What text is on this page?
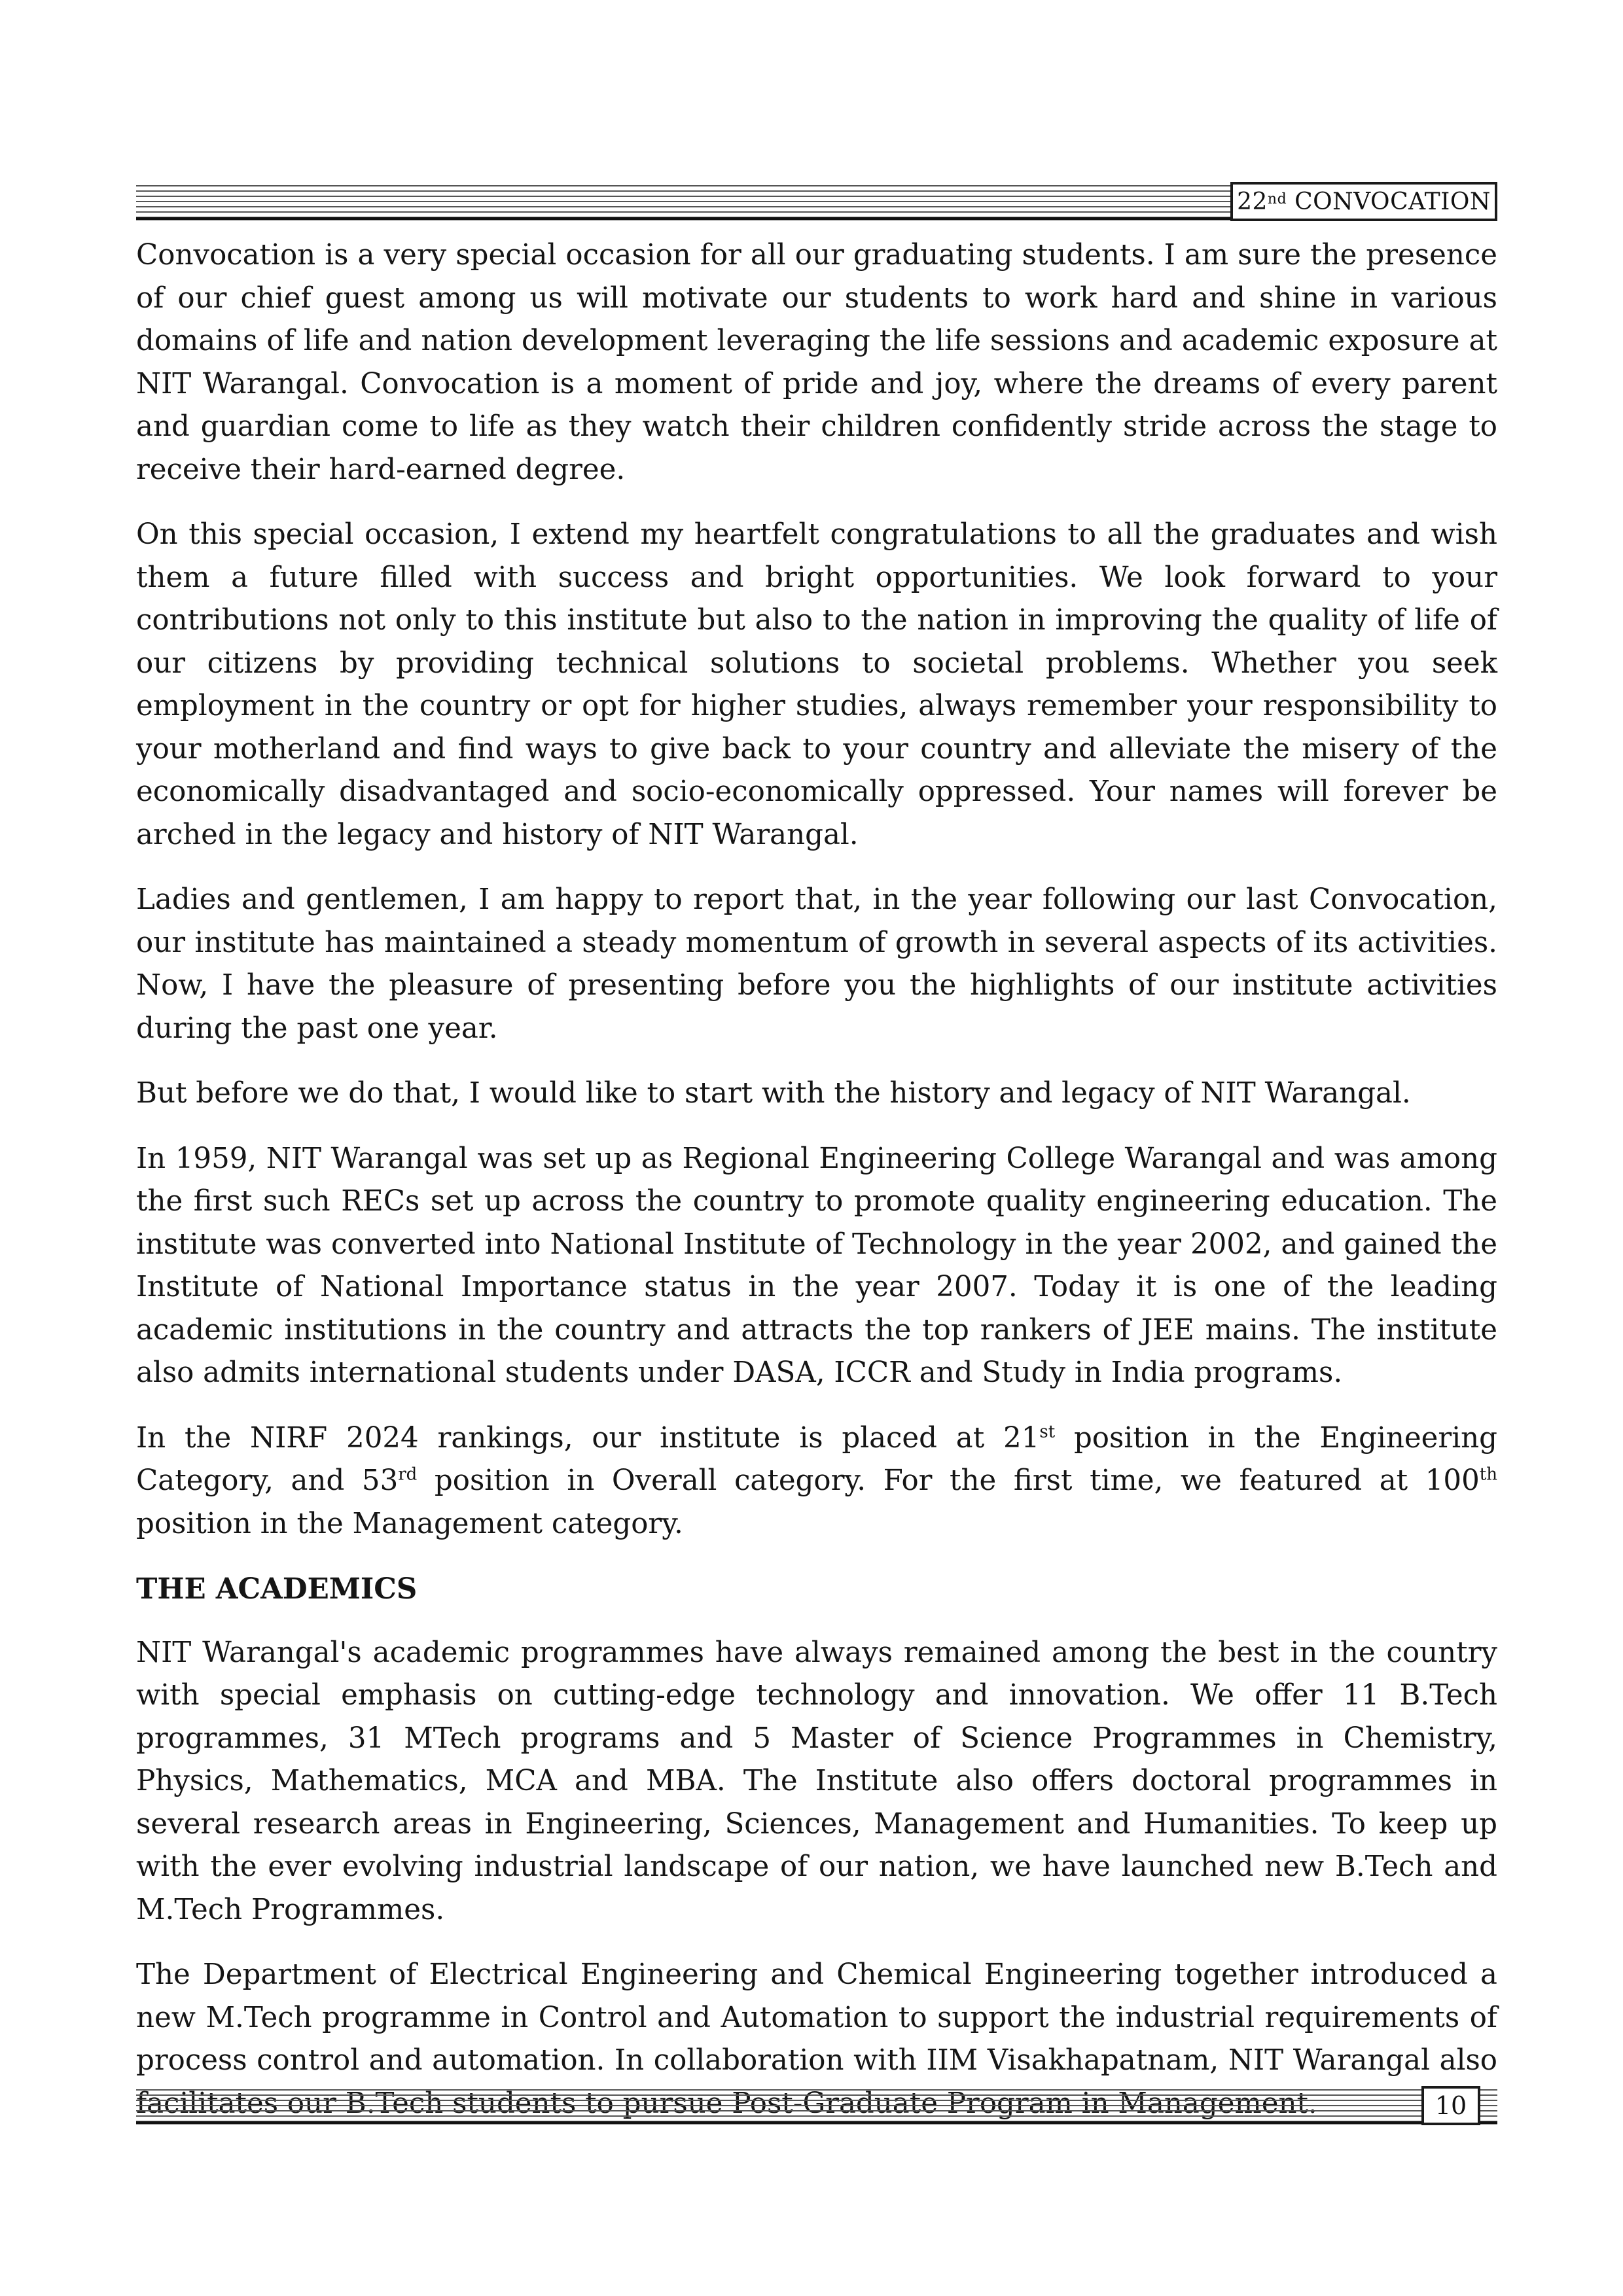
22nd
CONVOCATION

Convocation is a very special occasion for all our graduating students. I am sure the presence of our chief guest among us will motivate our students to work hard and shine in various domains of life and nation development leveraging the life sessions and academic exposure at NIT Warangal. Convocation is a moment of pride and joy, where the dreams of every parent and guardian come to life as they watch their children confidently stride across the stage to receive their hard-earned degree.

On this special occasion, I extend my heartfelt congratulations to all the graduates and wish them a future filled with success and bright opportunities. We look forward to your contributions not only to this institute but also to the nation in improving the quality of life of our citizens by providing technical solutions to societal problems. Whether you seek employment in the country or opt for higher studies, always remember your responsibility to your motherland and find ways to give back to your country and alleviate the misery of the economically disadvantaged and socio-economically oppressed. Your names will forever be arched in the legacy and history of NIT Warangal.

Ladies and gentlemen, I am happy to report that, in the year following our last Convocation, our institute has maintained a steady momentum of growth in several aspects of its activities. Now, I have the pleasure of presenting before you the highlights of our institute activities during the past one year.

But before we do that, I would like to start with the history and legacy of NIT Warangal.

In 1959, NIT Warangal was set up as Regional Engineering College Warangal and was among the first such RECs set up across the country to promote quality engineering education. The institute was converted into National Institute of Technology in the year 2002, and gained the Institute of National Importance status in the year 2007. Today it is one of the leading academic institutions in the country and attracts the top rankers of JEE mains. The institute also admits international students under DASA, ICCR and Study in India programs.

In the NIRF 2024 rankings, our institute is placed at 21st position in the Engineering Category, and 53rd position in Overall category. For the first time, we featured at 100th position in the Management category.

THE ACADEMICS

NIT Warangal's academic programmes have always remained among the best in the country with special emphasis on cutting-edge technology and innovation. We offer 11 B.Tech programmes, 31 MTech programs and 5 Master of Science Programmes in Chemistry, Physics, Mathematics, MCA and MBA. The Institute also offers doctoral programmes in several research areas in Engineering, Sciences, Management and Humanities. To keep up with the ever evolving industrial landscape of our nation, we have launched new B.Tech and M.Tech Programmes.

The Department of Electrical Engineering and Chemical Engineering together introduced a new M.Tech programme in Control and Automation to support the industrial requirements of process control and automation. In collaboration with IIM Visakhapatnam, NIT Warangal also facilitates our B.Tech students to pursue Post-Graduate Program in Management.	10
